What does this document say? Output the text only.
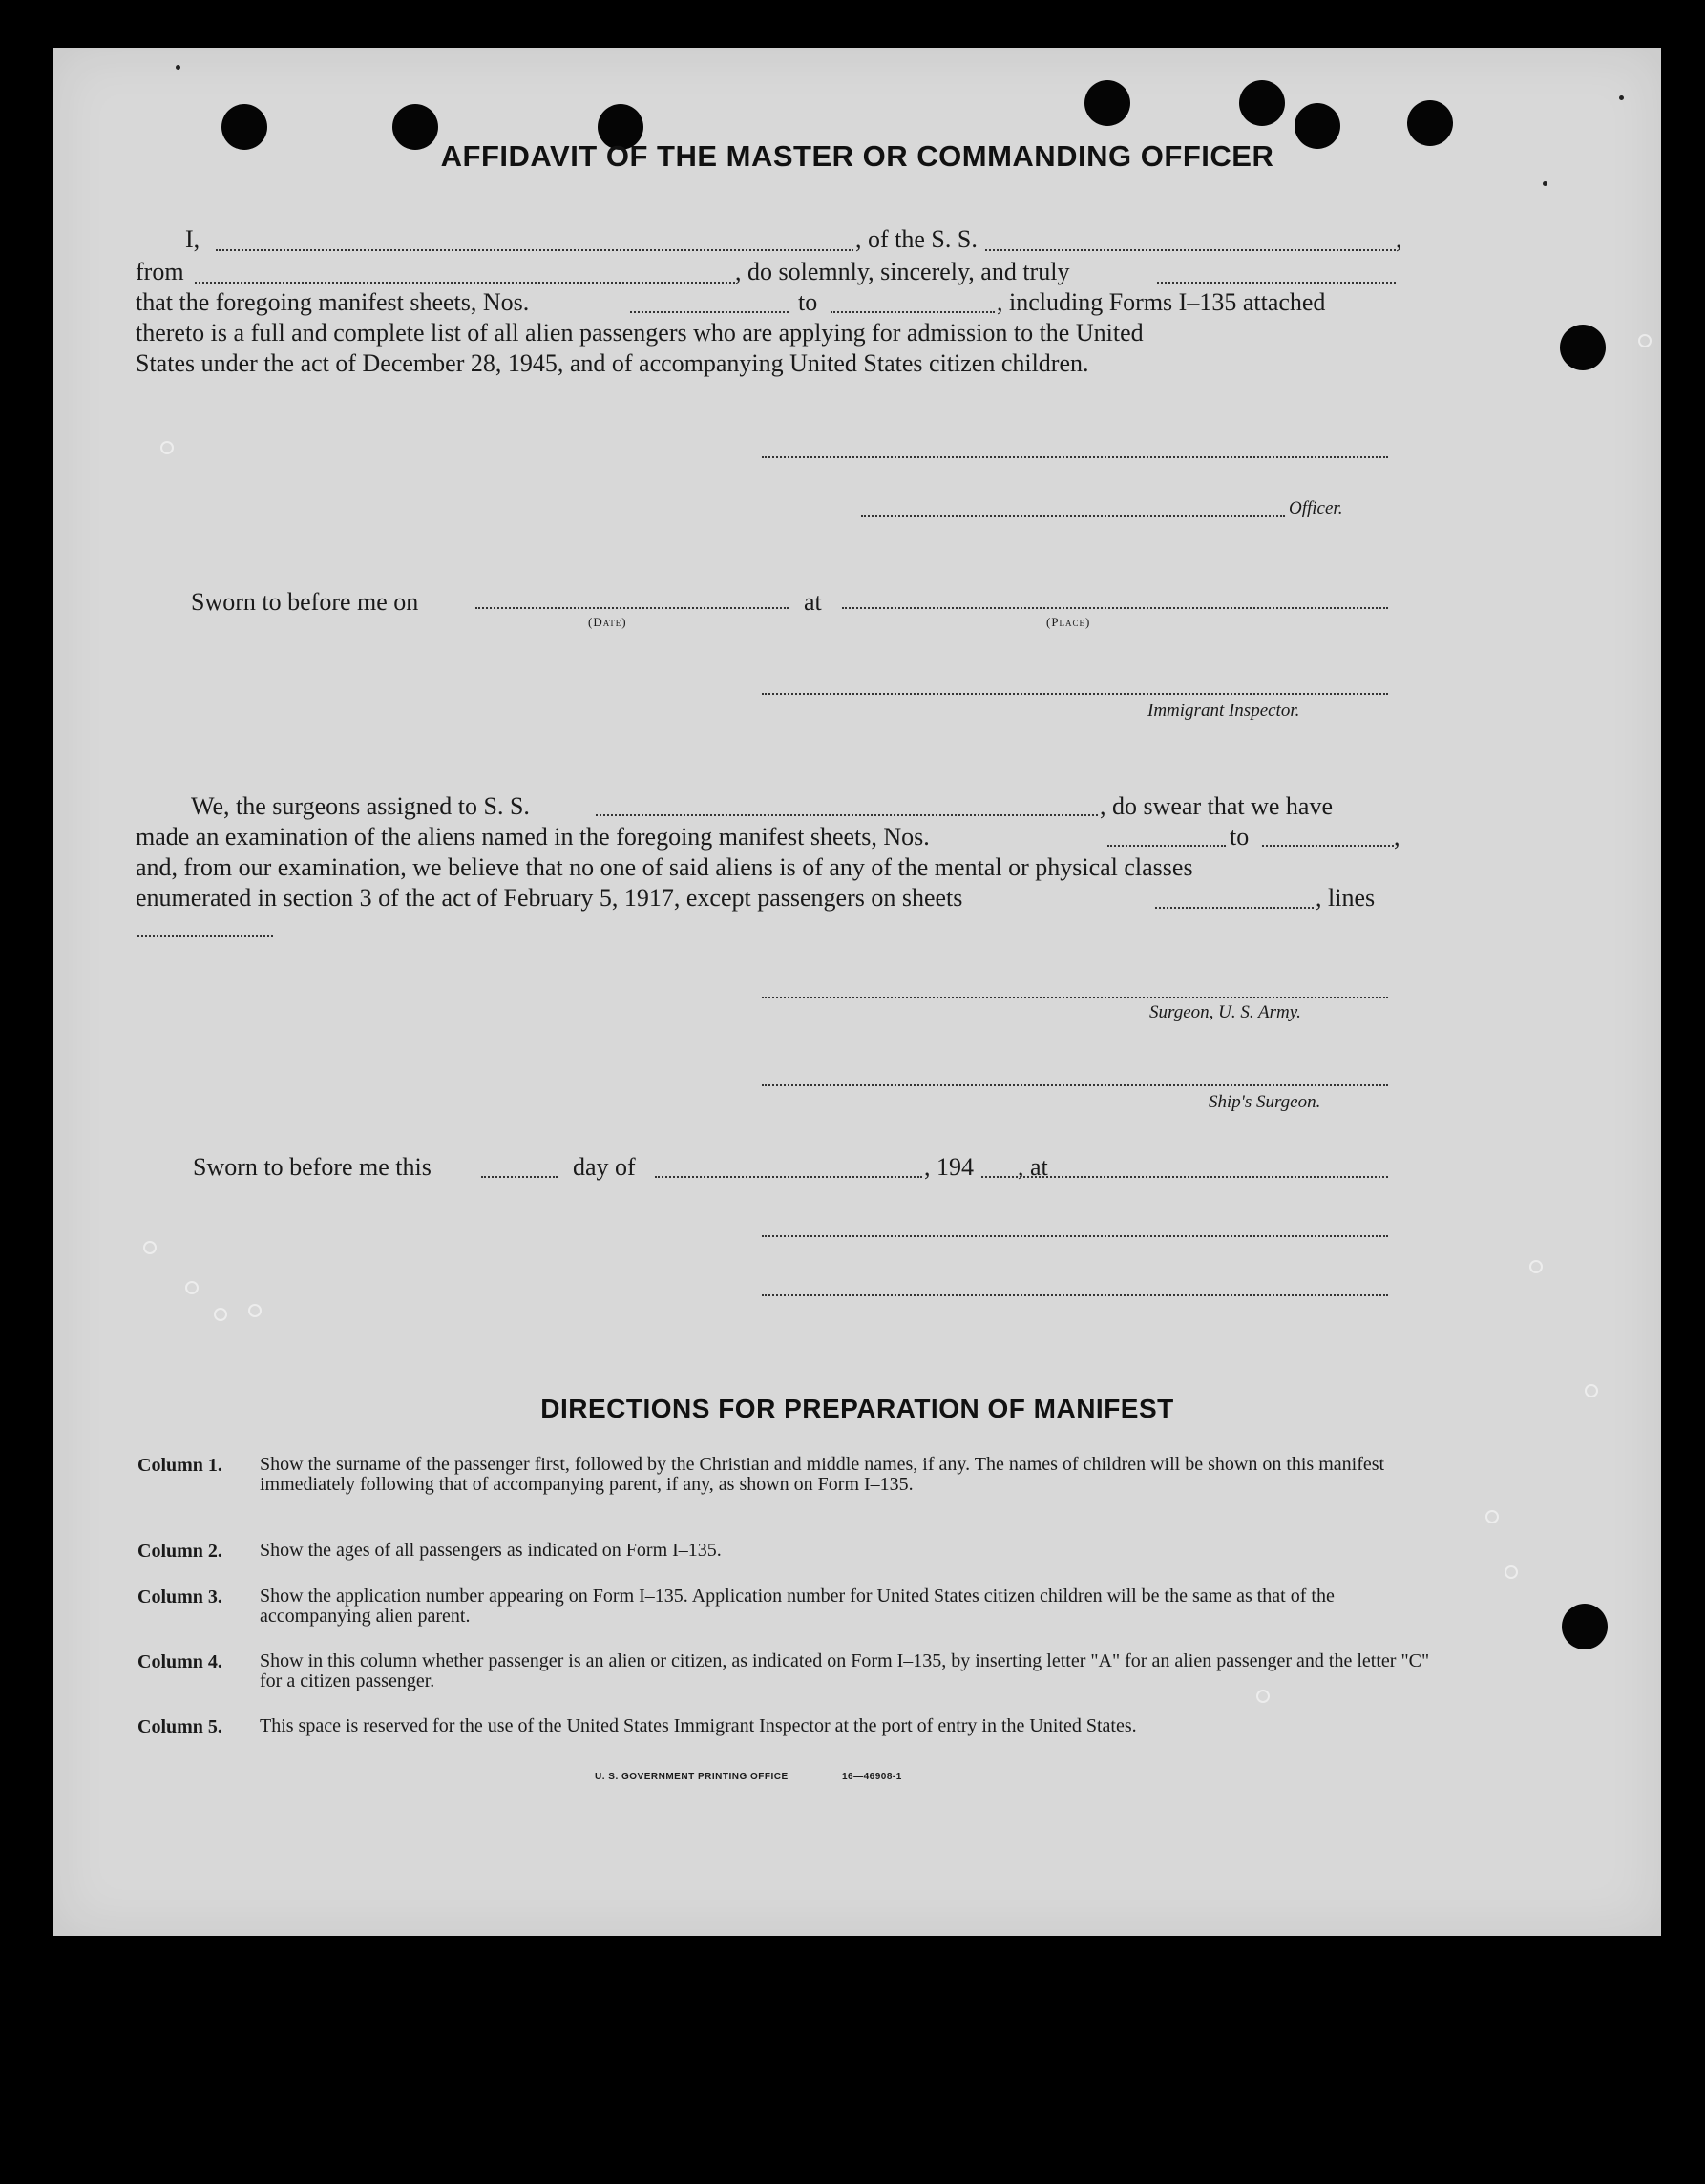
AFFIDAVIT OF THE MASTER OR COMMANDING OFFICER
I,	, of the S. S.	,
from	, do solemnly, sincerely, and truly
that the foregoing manifest sheets, Nos.	to	, including Forms I–135 attached
thereto is a full and complete list of all alien passengers who are applying for admission to the United
States under the act of December 28, 1945, and of accompanying United States citizen children.
Officer.
Sworn to before me on	at
(Date)	(Place)
Immigrant Inspector.
We, the surgeons assigned to S. S.	, do swear that we have
made an examination of the aliens named in the foregoing manifest sheets, Nos.	to	,
and, from our examination, we believe that no one of said aliens is of any of the mental or physical classes
enumerated in section 3 of the act of February 5, 1917, except passengers on sheets	, lines
Surgeon, U. S. Army.
Ship's Surgeon.
Sworn to before me this	day of	, 194 , at
DIRECTIONS FOR PREPARATION OF MANIFEST
Column 1. Show the surname of the passenger first, followed by the Christian and middle names, if any. The names of children will be shown on this manifest immediately following that of accompanying parent, if any, as shown on Form I–135.
Column 2. Show the ages of all passengers as indicated on Form I–135.
Column 3. Show the application number appearing on Form I–135. Application number for United States citizen children will be the same as that of the accompanying alien parent.
Column 4. Show in this column whether passenger is an alien or citizen, as indicated on Form I–135, by inserting letter "A" for an alien passenger and the letter "C" for a citizen passenger.
Column 5. This space is reserved for the use of the United States Immigrant Inspector at the port of entry in the United States.
U. S. GOVERNMENT PRINTING OFFICE	16—46908-1
